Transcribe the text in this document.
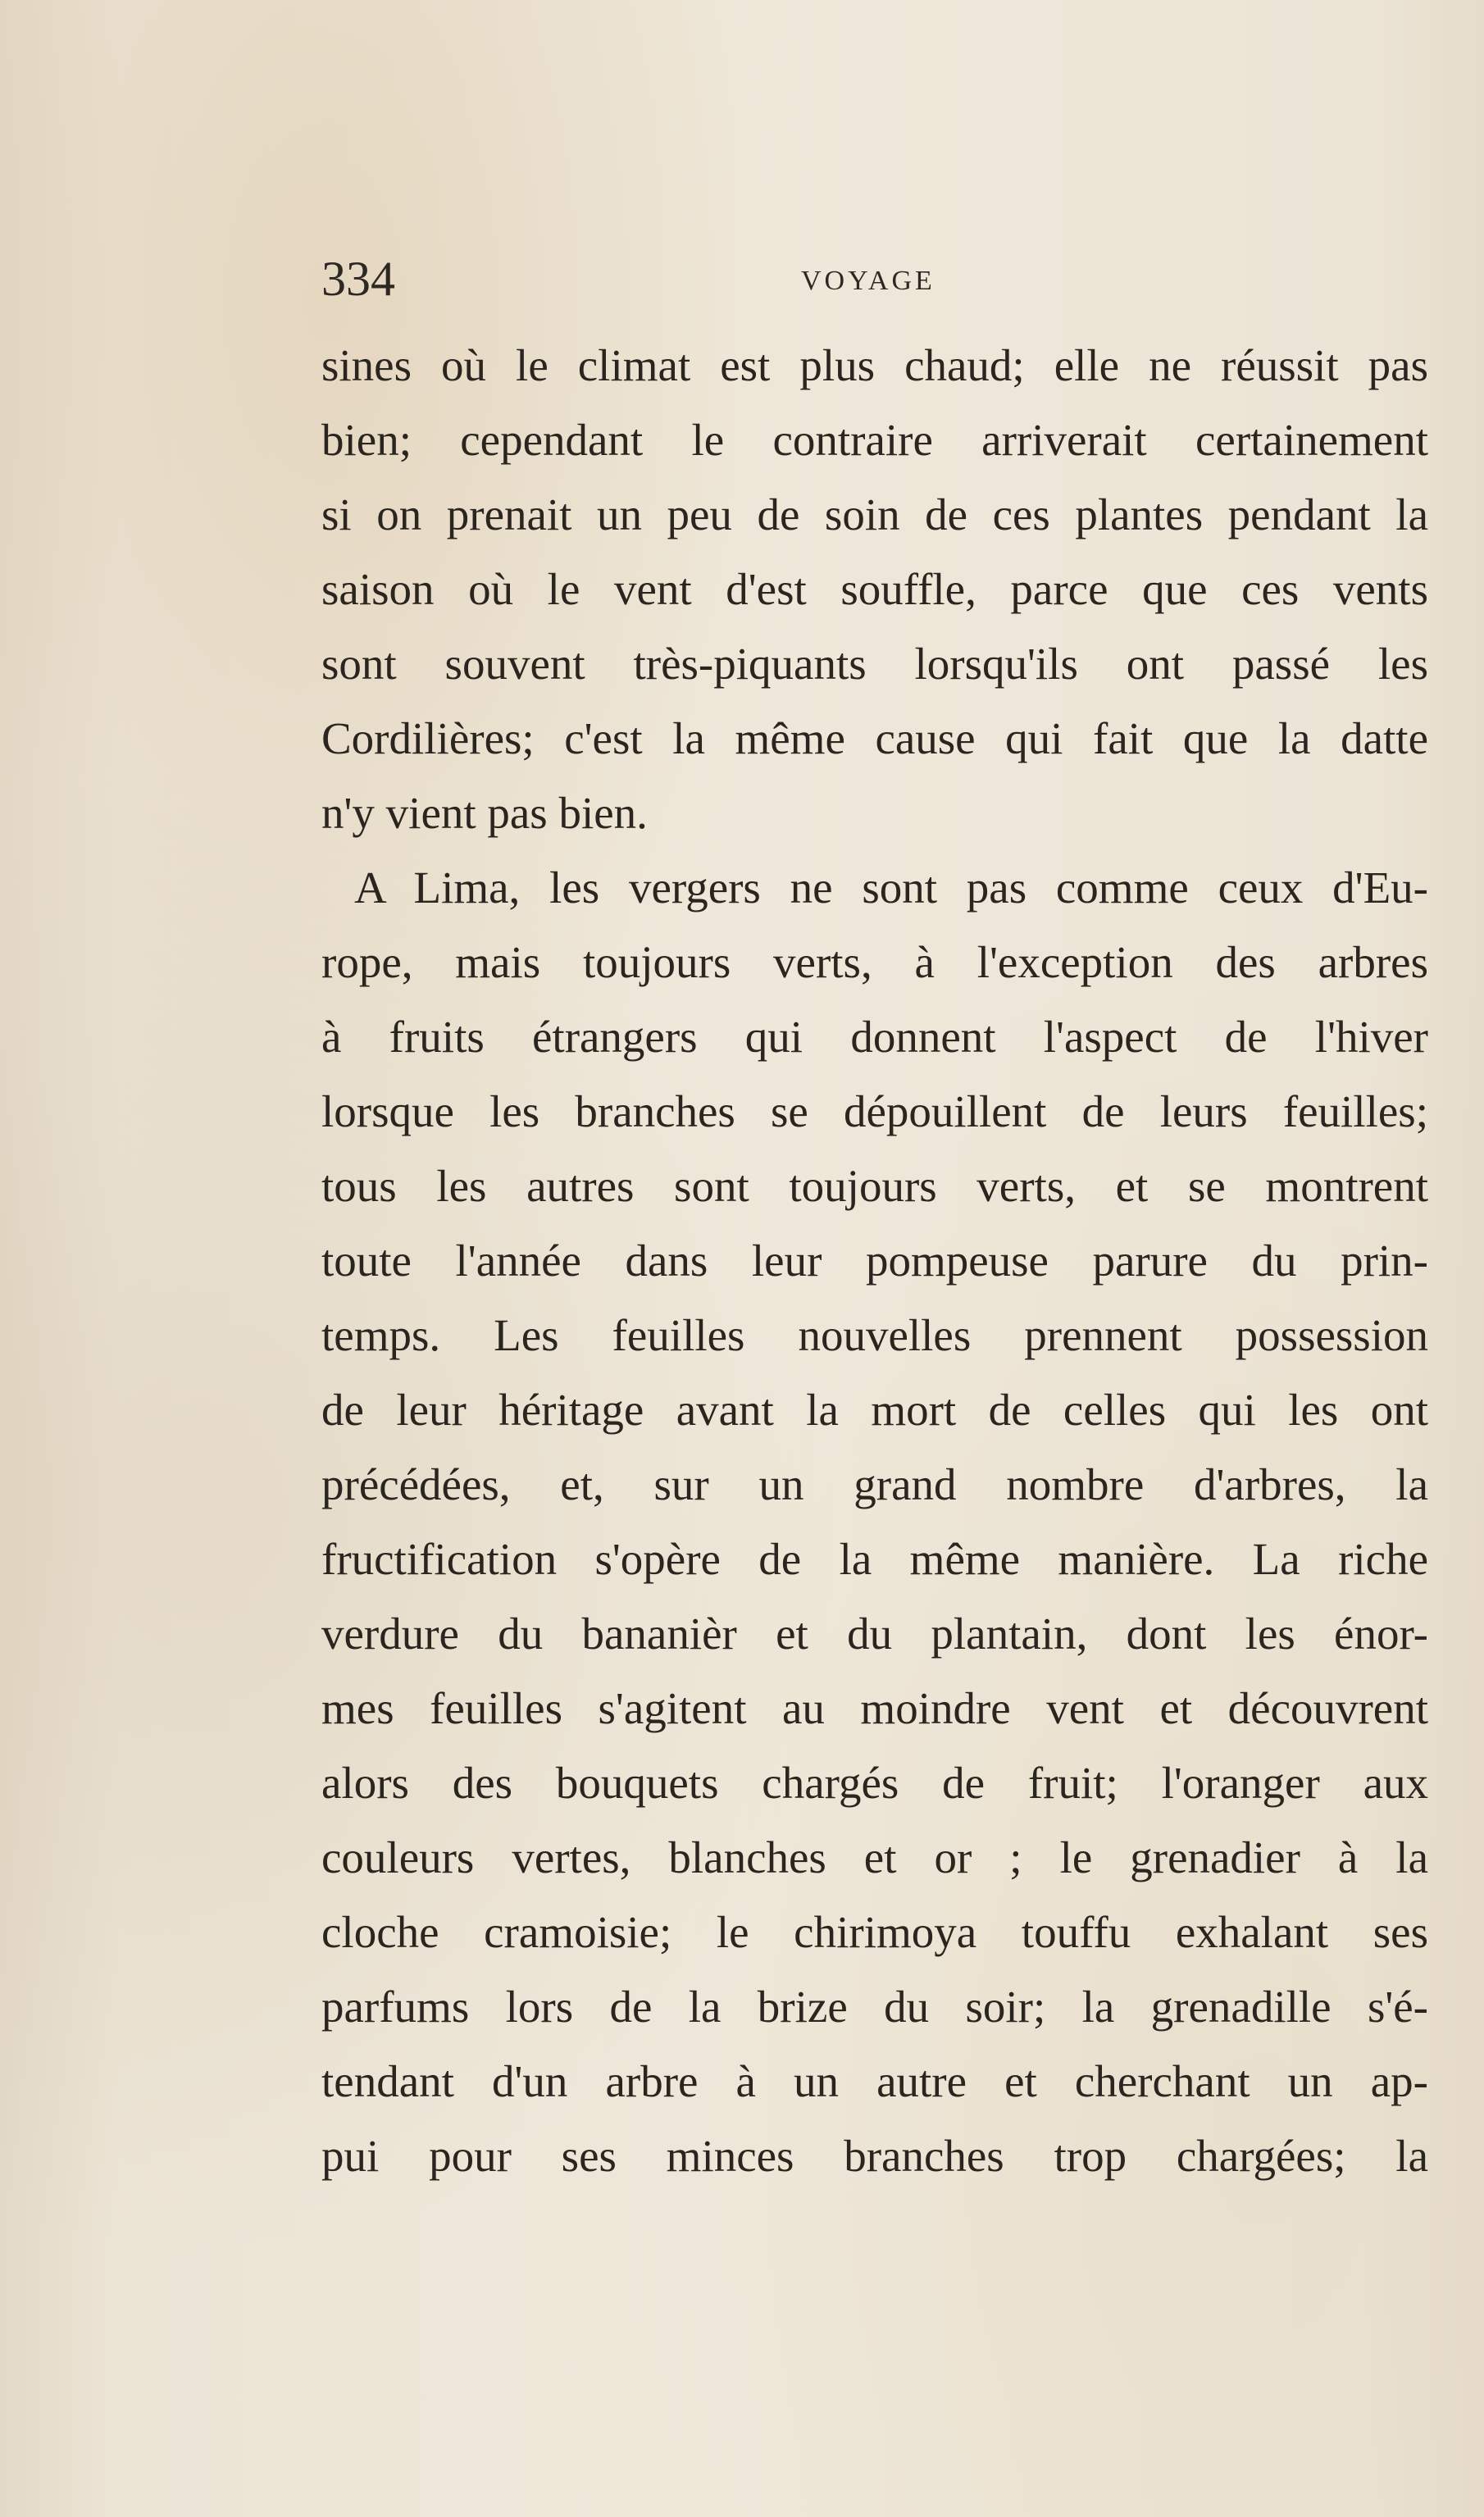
334	VOYAGE
sines où le climat est plus chaud; elle ne réussit pas
bien; cependant le contraire arriverait certainement
si on prenait un peu de soin de ces plantes pendant la
saison où le vent d'est souffle, parce que ces vents
sont souvent très-piquants lorsqu'ils ont passé les
Cordilières; c'est la même cause qui fait que la datte
n'y vient pas bien.
A Lima, les vergers ne sont pas comme ceux d'Eu-
rope, mais toujours verts, à l'exception des arbres
à fruits étrangers qui donnent l'aspect de l'hiver
lorsque les branches se dépouillent de leurs feuilles;
tous les autres sont toujours verts, et se montrent
toute l'année dans leur pompeuse parure du prin-
temps. Les feuilles nouvelles prennent possession
de leur héritage avant la mort de celles qui les ont
précédées, et, sur un grand nombre d'arbres, la
fructification s'opère de la même manière. La riche
verdure du bananièr et du plantain, dont les énor-
mes feuilles s'agitent au moindre vent et découvrent
alors des bouquets chargés de fruit; l'oranger aux
couleurs vertes, blanches et or ; le grenadier à la
cloche cramoisie; le chirimoya touffu exhalant ses
parfums lors de la brize du soir; la grenadille s'é-
tendant d'un arbre à un autre et cherchant un ap-
pui pour ses minces branches trop chargées; la
